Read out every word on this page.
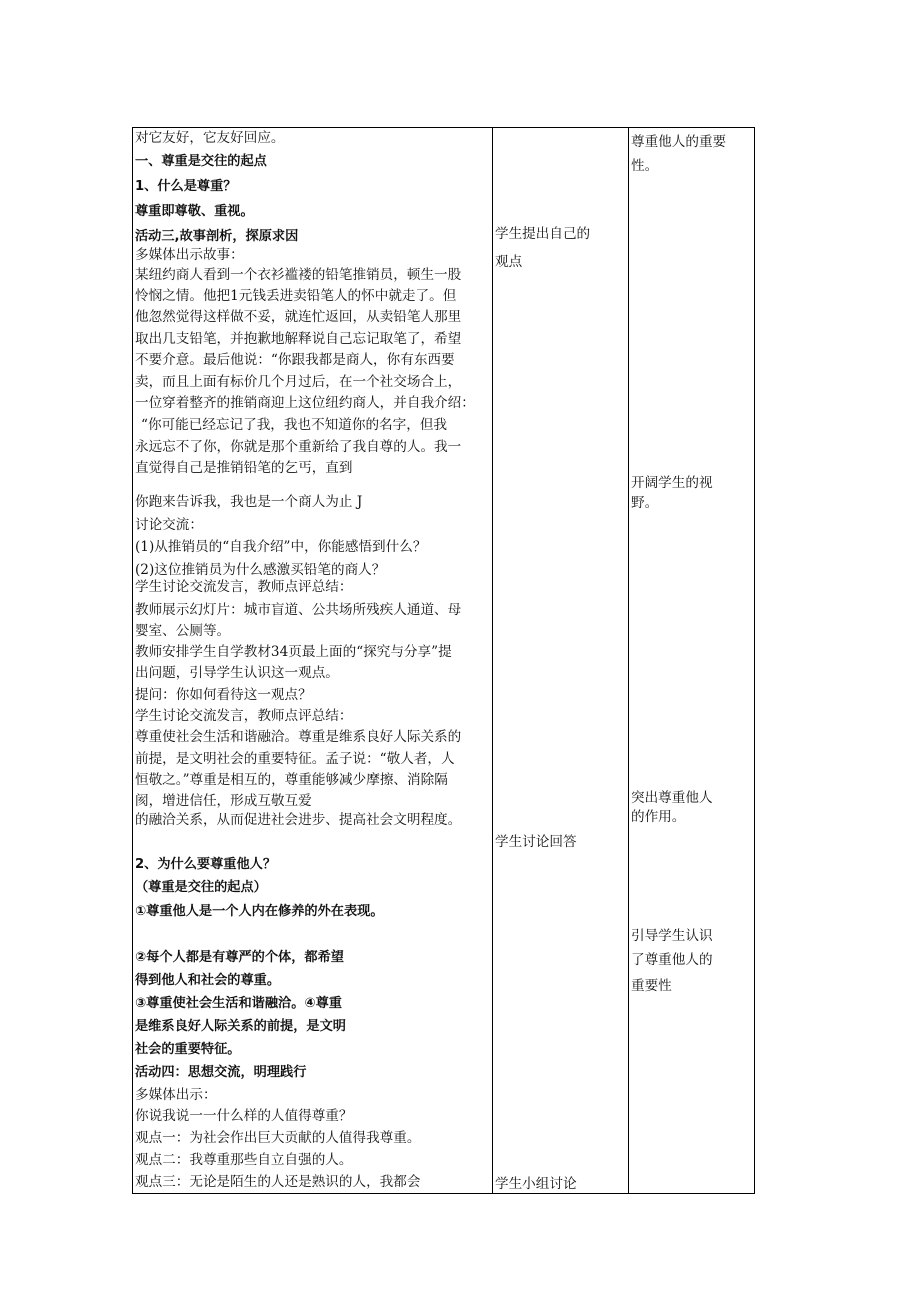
对它友好，它友好回应。
一、尊重是交往的起点
1、什么是尊重？
尊重即尊敬、重视。
活动三,故事剖析，探原求因
多媒体出示故事：
某纽约商人看到一个衣衫褴褛的铅笔推销员，顿生一股
怜悯之情。他把1元钱丢进卖铅笔人的怀中就走了。但
他忽然觉得这样做不妥，就连忙返回，从卖铅笔人那里
取出几支铅笔，并抱歉地解释说自己忘记取笔了，希望
不要介意。最后他说：“你跟我都是商人，你有东西要
卖，而且上面有标价几个月过后，在一个社交场合上，
一位穿着整齐的推销商迎上这位纽约商人，并自我介绍：
“你可能已经忘记了我，我也不知道你的名字，但我
永远忘不了你，你就是那个重新给了我自尊的人。我一
直觉得自己是推销铅笔的乞丐，直到
你跑来告诉我，我也是一个商人为止 J
讨论交流：
(1)从推销员的“自我介绍”中，你能感悟到什么？
(2)这位推销员为什么感激买铅笔的商人？
学生讨论交流发言，教师点评总结：
教师展示幻灯片：城市盲道、公共场所残疾人通道、母
婴室、公厕等。
教师安排学生自学教材34页最上面的“探究与分享”提
出问题，引导学生认识这一观点。
提问：你如何看待这一观点？
学生讨论交流发言，教师点评总结：
尊重使社会生活和谐融洽。尊重是维系良好人际关系的
前提，是文明社会的重要特征。孟子说：“敬人者，人
恒敬之。”尊重是相互的，尊重能够减少摩擦、消除隔
阂，增进信任，形成互敬互爱
的融洽关系，从而促进社会进步、提高社会文明程度。
2、为什么要尊重他人？
（尊重是交往的起点）
①尊重他人是一个人内在修养的外在表现。
②每个人都是有尊严的个体，都希望
得到他人和社会的尊重。
③尊重使社会生活和谐融洽。④尊重
是维系良好人际关系的前提，是文明
社会的重要特征。
活动四：思想交流，明理践行
多媒体出示：
你说我说一一什么样的人值得尊重？
观点一：为社会作出巨大贡献的人值得我尊重。
观点二：我尊重那些自立自强的人。
观点三：无论是陌生的人还是熟识的人，我都会
学生提出自己的
观点
学生讨论回答
学生小组讨论
尊重他人的重要
性。
开阔学生的视
野。
突出尊重他人
的作用。
引导学生认识
了尊重他人的
重要性
